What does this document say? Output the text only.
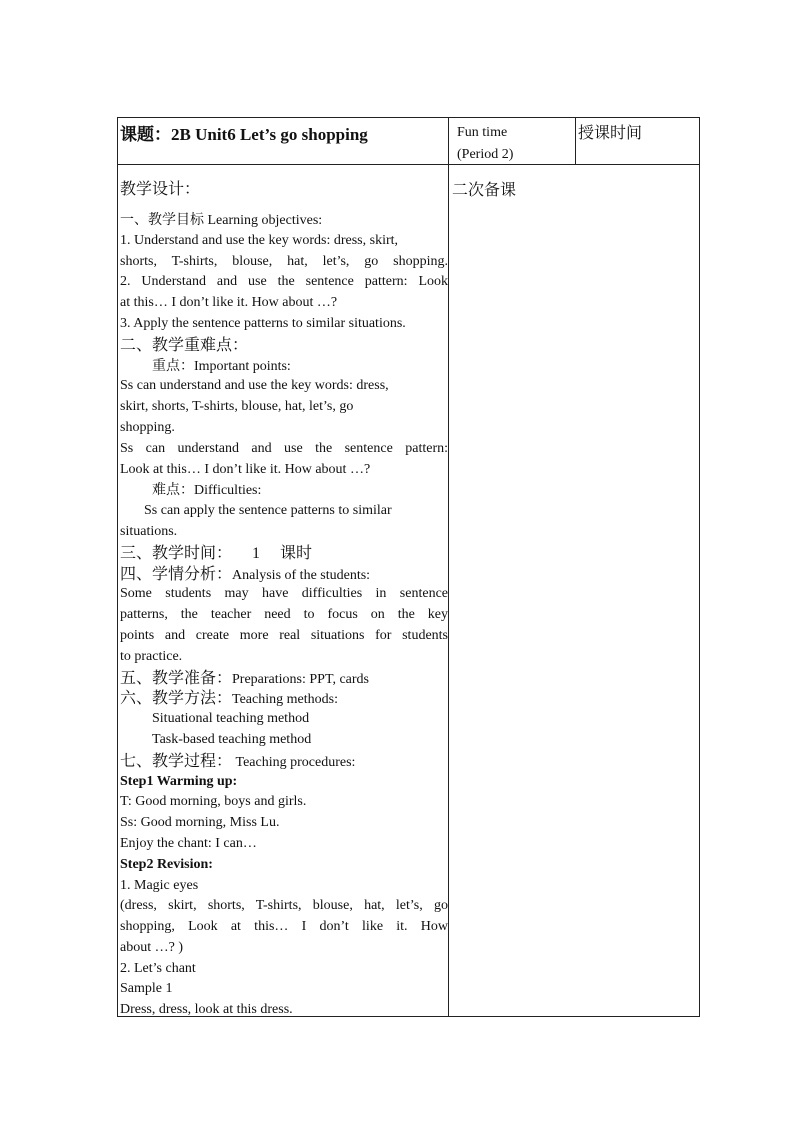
课题：2B Unit6 Let’s go shopping	Fun time
(Period 2)
授课时间
教学设计：
一、教学目标 Learning objectives:
1. Understand and use the key words: dress, skirt,
shorts, T-shirts, blouse, hat, let’s, go shopping.
2. Understand and use the sentence pattern: Look
at this… I don’t like it. How about …?
3. Apply the sentence patterns to similar situations.
二、教学重难点：
重点：Important points:
Ss can understand and use the key words: dress,
skirt, shorts, T-shirts, blouse, hat, let’s, go
shopping.
Ss can understand and use the sentence pattern:
Look at this… I don’t like it. How about …?
难点：Difficulties:
Ss can apply the sentence patterns to similar
situations.
三、教学时间： 1 课时
四、学情分析：Analysis of the students:
Some students may have difficulties in sentence
patterns, the teacher need to focus on the key
points and create more real situations for students
to practice.
五、教学准备：Preparations: PPT, cards
六、教学方法：Teaching methods:
Situational teaching method
Task-based teaching method
七、教学过程： Teaching procedures:
Step1 Warming up:
T: Good morning, boys and girls.
Ss: Good morning, Miss Lu.
Enjoy the chant: I can…
Step2 Revision:
1. Magic eyes
(dress, skirt, shorts, T-shirts, blouse, hat, let’s, go
shopping, Look at this… I don’t like it. How
about …? )
2. Let’s chant
Sample 1
Dress, dress, look at this dress.
二次备课
